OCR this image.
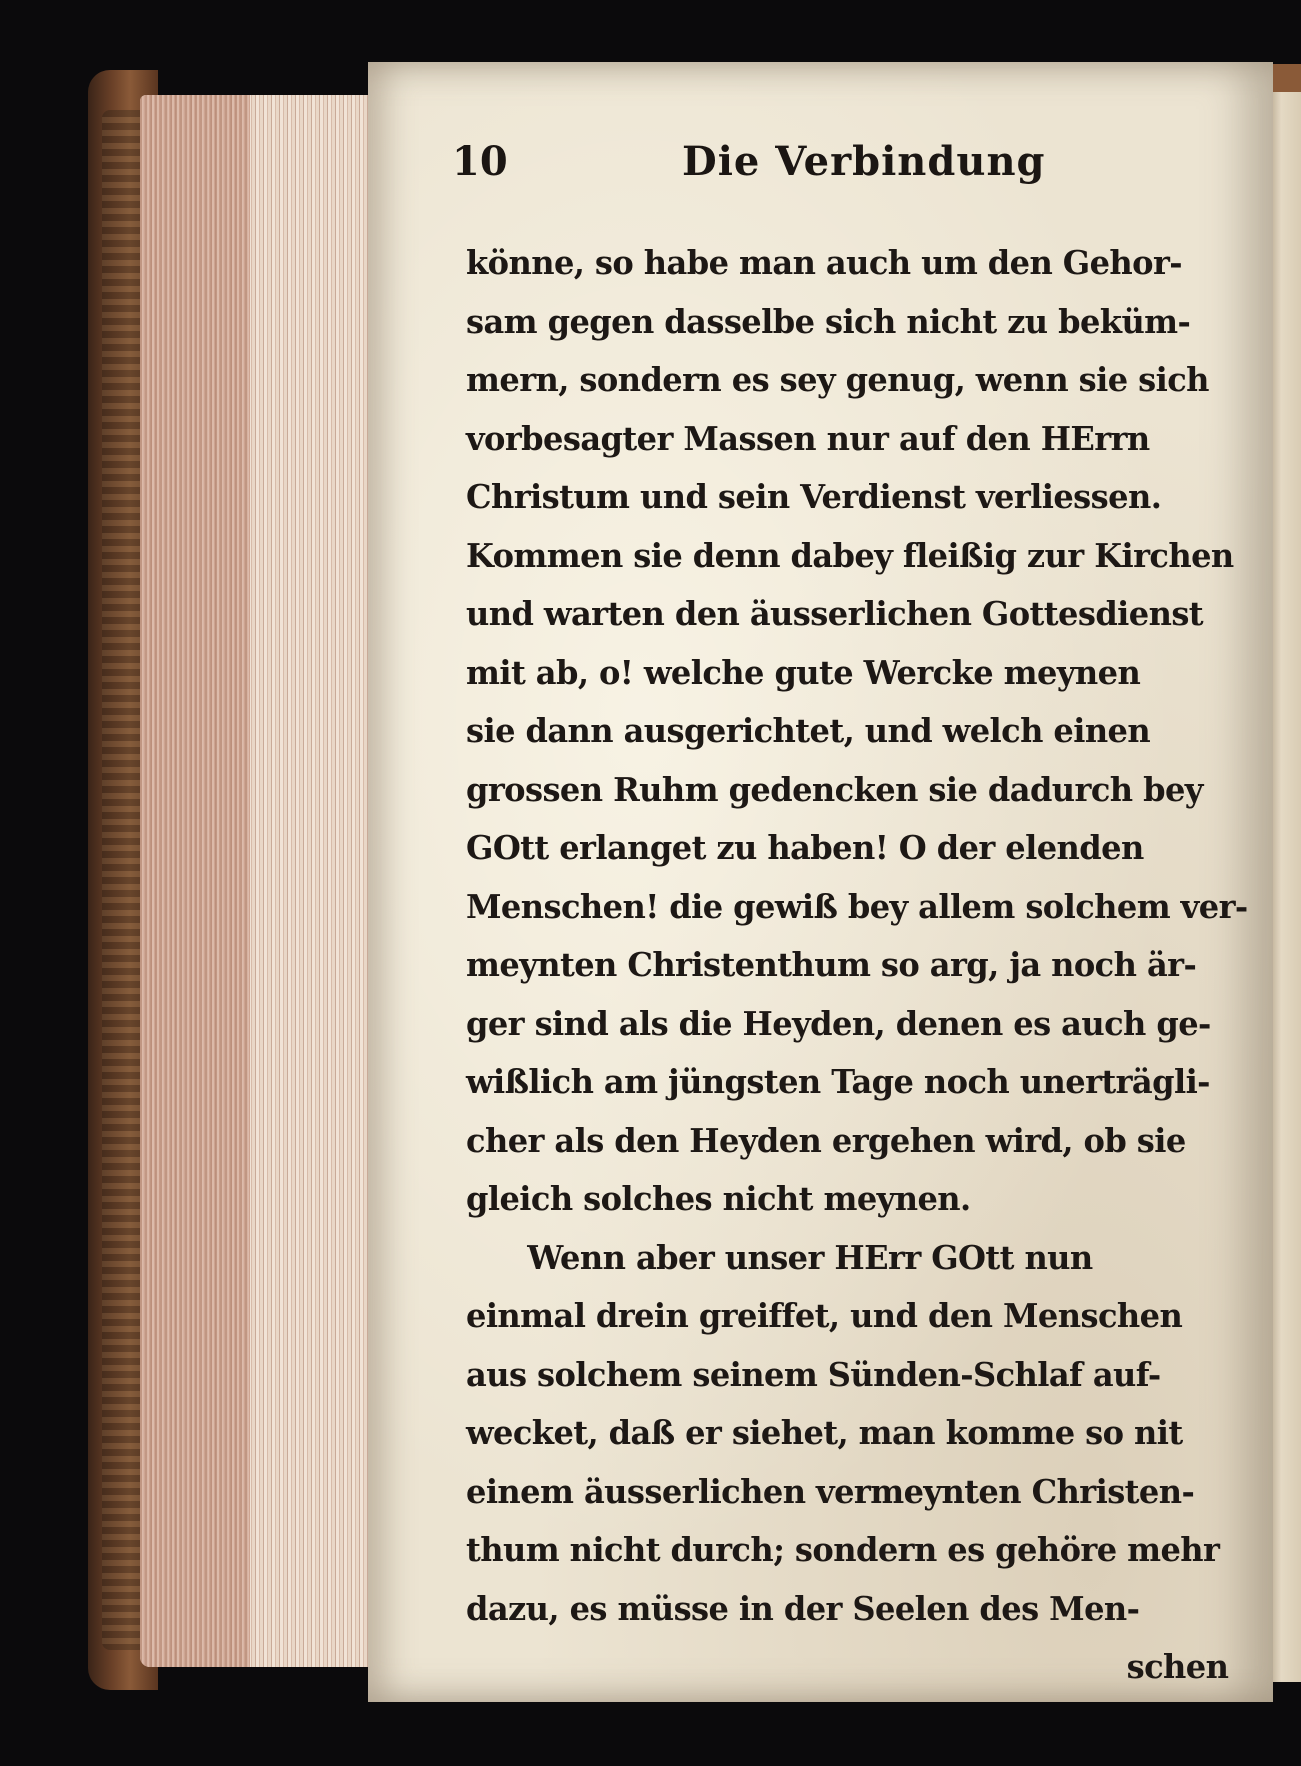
10	Die Verbindung
könne, so habe man auch um den Gehor-
sam gegen dasselbe sich nicht zu beküm-
mern, sondern es sey genug, wenn sie sich
vorbesagter Massen nur auf den HErrn
Christum und sein Verdienst verliessen.
Kommen sie denn dabey fleißig zur Kirchen
und warten den äusserlichen Gottesdienst
mit ab, o! welche gute Wercke meynen
sie dann ausgerichtet, und welch einen
grossen Ruhm gedencken sie dadurch bey
GOtt erlanget zu haben! O der elenden
Menschen! die gewiß bey allem solchem ver-
meynten Christenthum so arg, ja noch är-
ger sind als die Heyden, denen es auch ge-
wißlich am jüngsten Tage noch unerträgli-
cher als den Heyden ergehen wird, ob sie
gleich solches nicht meynen.
Wenn aber unser HErr GOtt nun
einmal drein greiffet, und den Menschen
aus solchem seinem Sünden-Schlaf auf-
wecket, daß er siehet, man komme so nit
einem äusserlichen vermeynten Christen-
thum nicht durch; sondern es gehöre mehr
dazu, es müsse in der Seelen des Men-
schen
